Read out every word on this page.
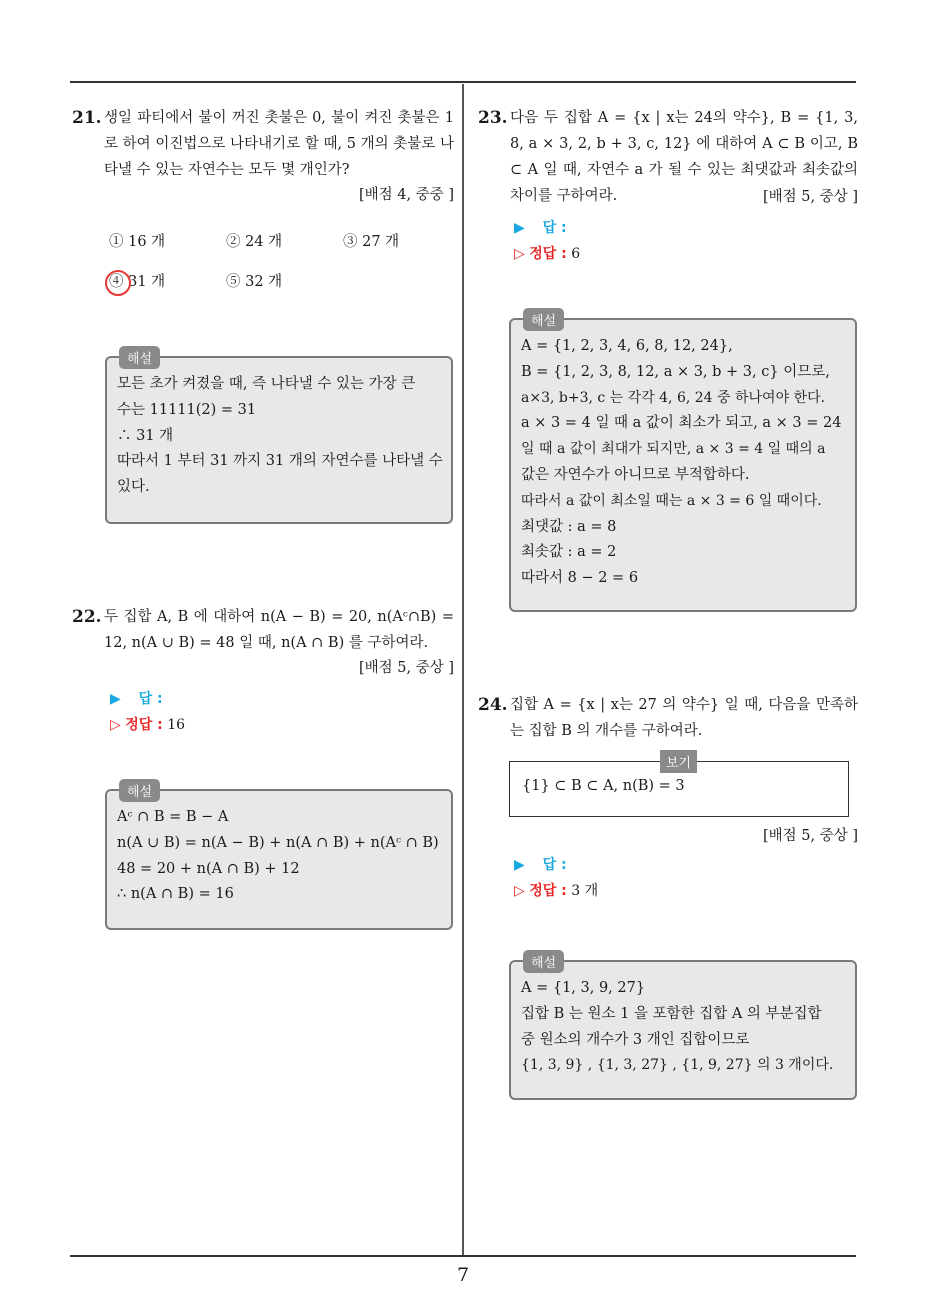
7
21. 생일 파티에서 불이 꺼진 촛불은 0, 불이 켜진 촛불은 1 로 하여 이진법으로 나타내기로 할 때, 5 개의 촛불로 나타낼 수 있는 자연수는 모두 몇 개인가?
[배점 4, 중중 ]
① 16 개	② 24 개	③ 27 개
④ 31 개	⑤ 32 개
해설
모든 초가 켜졌을 때, 즉 나타낼 수 있는 가장 큰
수는 11111(2) = 31
∴ 31 개
따라서 1 부터 31 까지 31 개의 자연수를 나타낼 수
있다.
22. 두 집합 A, B 에 대하여 n(A − B) = 20, n(Aᶜ∩B) = 12, n(A ∪ B) = 48 일 때, n(A ∩ B) 를 구하여라.
[배점 5, 중상 ]
▶ 답 :
▷ 정답 : 16
해설
Aᶜ ∩ B = B − A
n(A ∪ B) = n(A − B) + n(A ∩ B) + n(Aᶜ ∩ B)
48 = 20 + n(A ∩ B) + 12
∴ n(A ∩ B) = 16
23. 다음 두 집합 A = {x | x는 24의 약수}, B = {1, 3, 8, a × 3, 2, b + 3, c, 12} 에 대하여 A ⊂ B 이고, B ⊂ A 일 때, 자연수 a 가 될 수 있는 최댓값과 최솟값의 차이를 구하여라.	[배점 5, 중상 ]
▶ 답 :
▷ 정답 : 6
해설
A = {1, 2, 3, 4, 6, 8, 12, 24},
B = {1, 2, 3, 8, 12, a × 3, b + 3, c} 이므로,
a×3, b+3, c 는 각각 4, 6, 24 중 하나여야 한다.
a × 3 = 4 일 때 a 값이 최소가 되고, a × 3 = 24
일 때 a 값이 최대가 되지만, a × 3 = 4 일 때의 a
값은 자연수가 아니므로 부적합하다.
따라서 a 값이 최소일 때는 a × 3 = 6 일 때이다.
최댓값 : a = 8
최솟값 : a = 2
따라서 8 − 2 = 6
24. 집합 A = {x | x는 27 의 약수} 일 때, 다음을 만족하는 집합 B 의 개수를 구하여라.
보기
{1} ⊂ B ⊂ A, n(B) = 3
[배점 5, 중상 ]
▶ 답 :
▷ 정답 : 3 개
해설
A = {1, 3, 9, 27}
집합 B 는 원소 1 을 포함한 집합 A 의 부분집합
중 원소의 개수가 3 개인 집합이므로
{1, 3, 9} , {1, 3, 27} , {1, 9, 27} 의 3 개이다.
